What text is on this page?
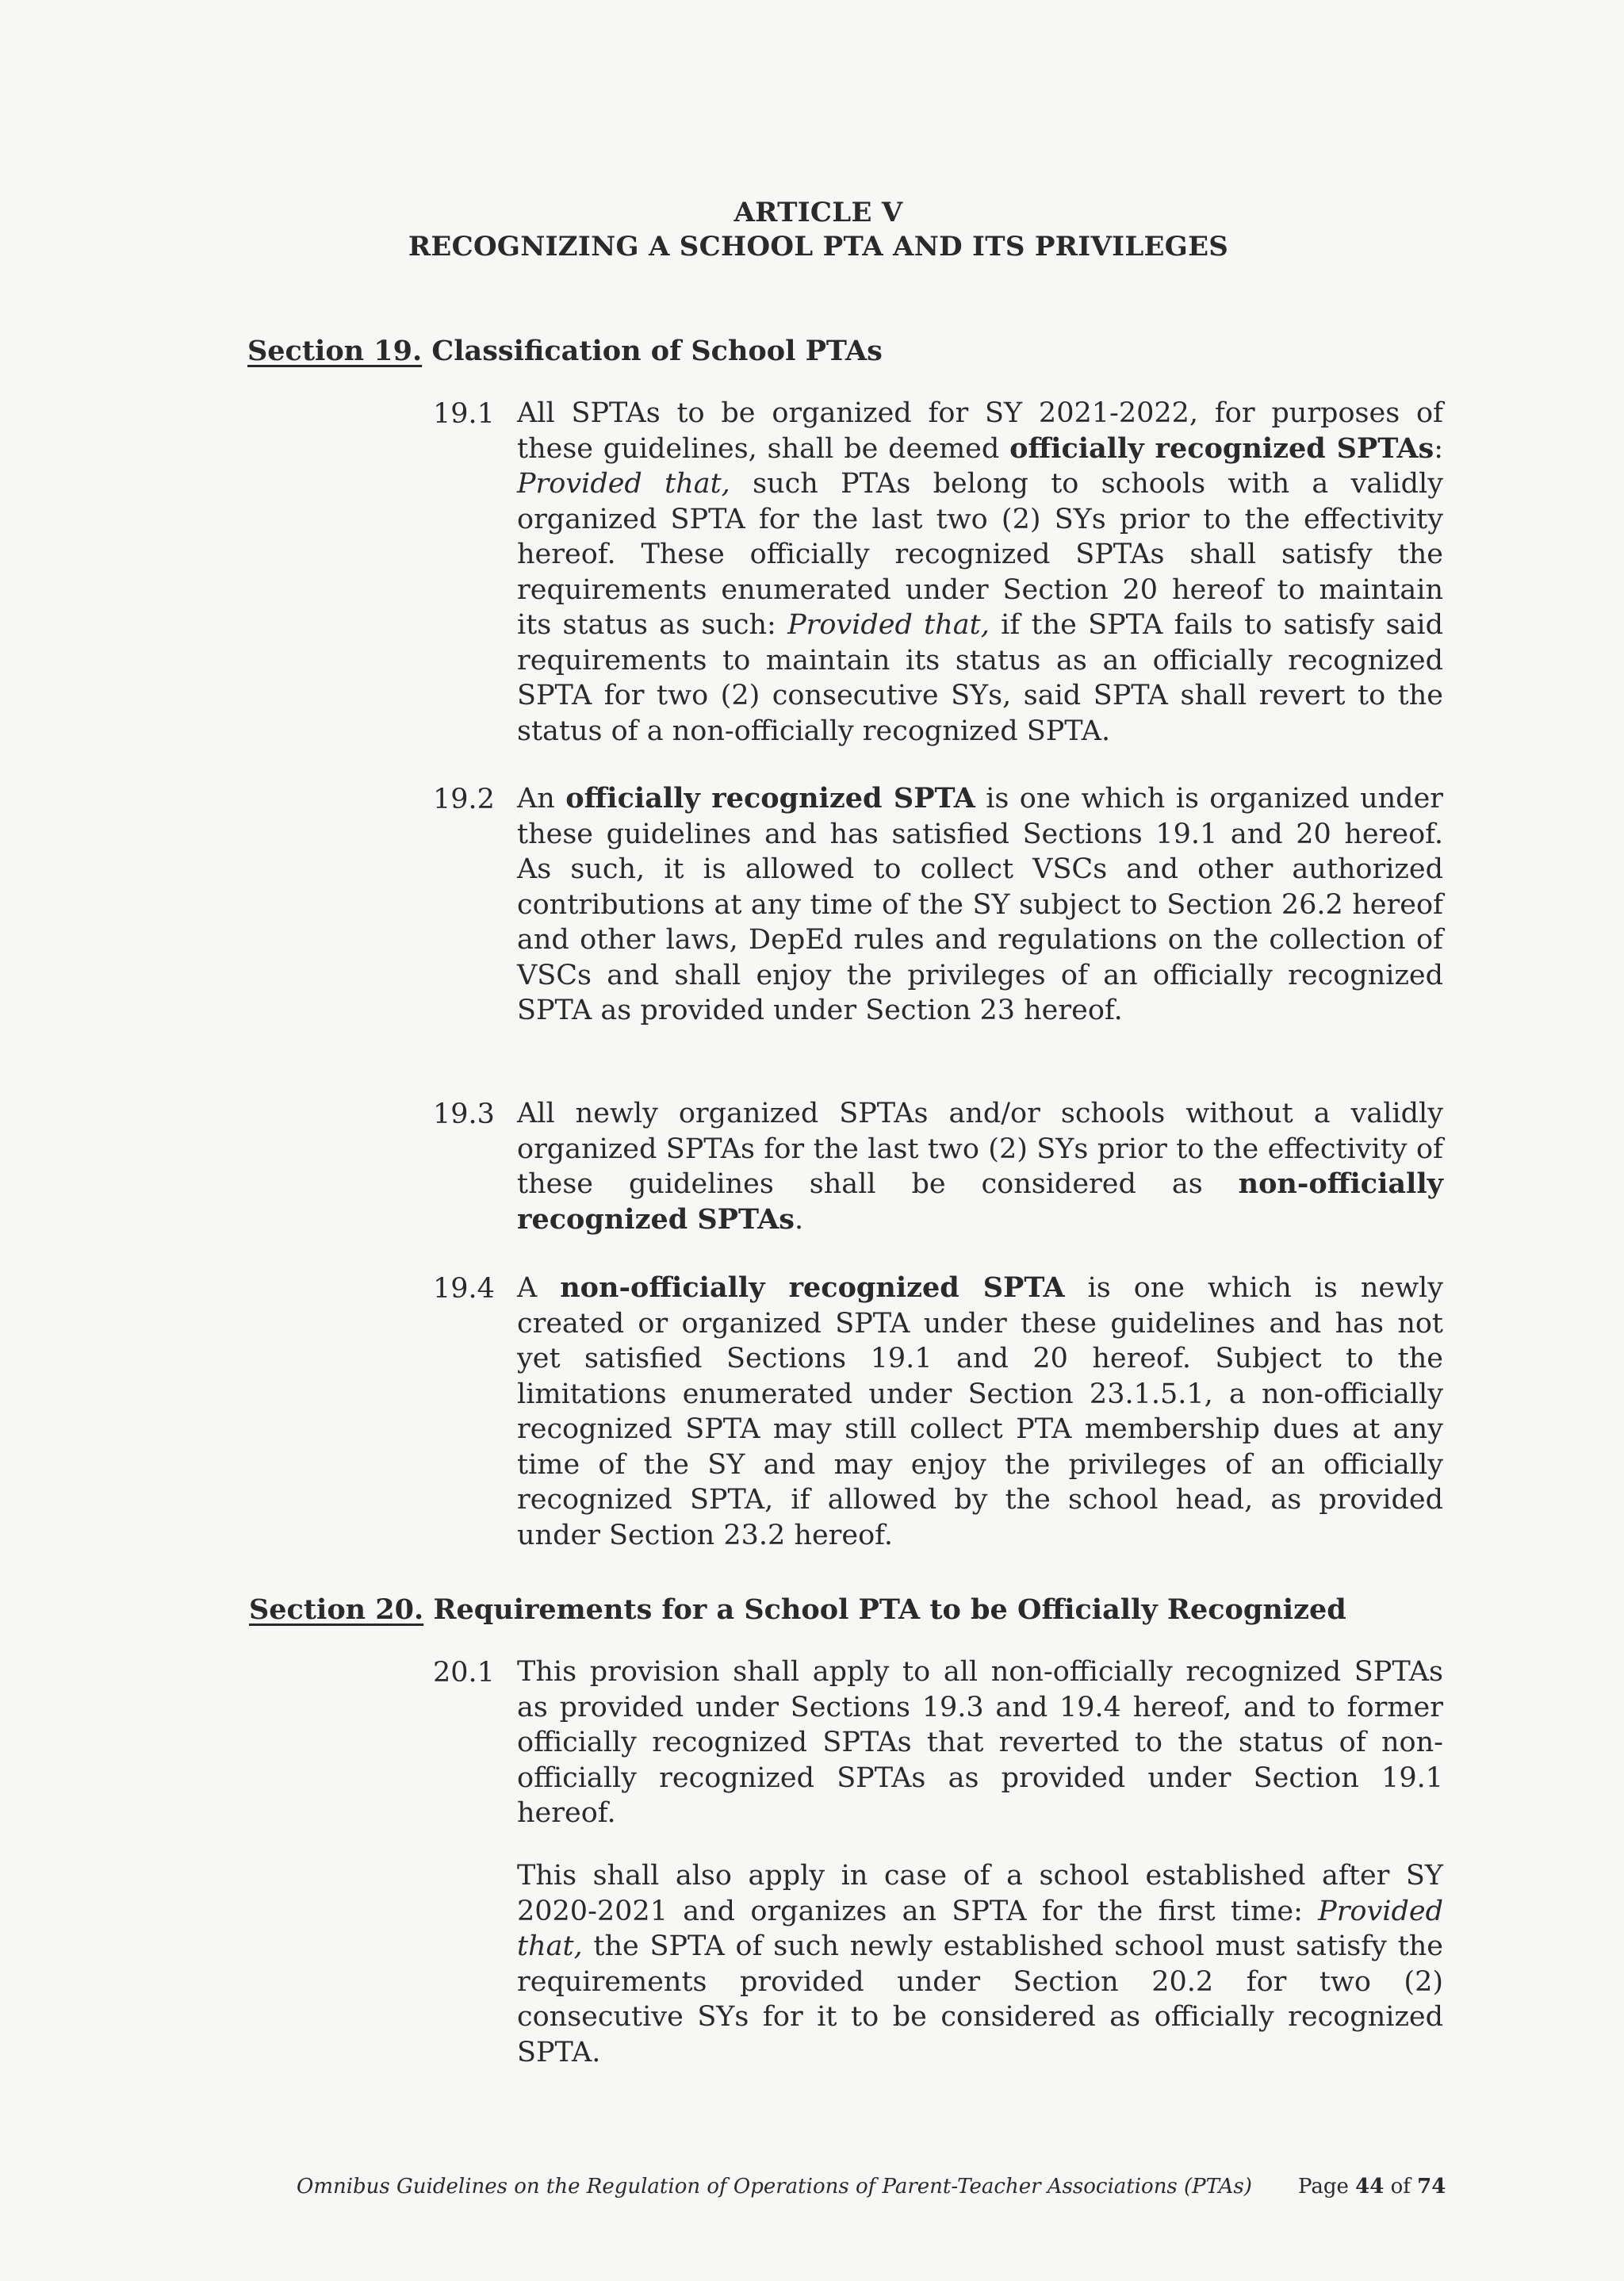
ARTICLE V
RECOGNIZING A SCHOOL PTA AND ITS PRIVILEGES
Section 19. Classification of School PTAs
19.1 All SPTAs to be organized for SY 2021-2022, for purposes of these guidelines, shall be deemed officially recognized SPTAs: Provided that, such PTAs belong to schools with a validly organized SPTA for the last two (2) SYs prior to the effectivity hereof. These officially recognized SPTAs shall satisfy the requirements enumerated under Section 20 hereof to maintain its status as such: Provided that, if the SPTA fails to satisfy said requirements to maintain its status as an officially recognized SPTA for two (2) consecutive SYs, said SPTA shall revert to the status of a non-officially recognized SPTA.
19.2 An officially recognized SPTA is one which is organized under these guidelines and has satisfied Sections 19.1 and 20 hereof. As such, it is allowed to collect VSCs and other authorized contributions at any time of the SY subject to Section 26.2 hereof and other laws, DepEd rules and regulations on the collection of VSCs and shall enjoy the privileges of an officially recognized SPTA as provided under Section 23 hereof.
19.3 All newly organized SPTAs and/or schools without a validly organized SPTAs for the last two (2) SYs prior to the effectivity of these guidelines shall be considered as non-officially recognized SPTAs.
19.4 A non-officially recognized SPTA is one which is newly created or organized SPTA under these guidelines and has not yet satisfied Sections 19.1 and 20 hereof. Subject to the limitations enumerated under Section 23.1.5.1, a non-officially recognized SPTA may still collect PTA membership dues at any time of the SY and may enjoy the privileges of an officially recognized SPTA, if allowed by the school head, as provided under Section 23.2 hereof.
Section 20. Requirements for a School PTA to be Officially Recognized
20.1 This provision shall apply to all non-officially recognized SPTAs as provided under Sections 19.3 and 19.4 hereof, and to former officially recognized SPTAs that reverted to the status of non-officially recognized SPTAs as provided under Section 19.1 hereof.
This shall also apply in case of a school established after SY 2020-2021 and organizes an SPTA for the first time: Provided that, the SPTA of such newly established school must satisfy the requirements provided under Section 20.2 for two (2) consecutive SYs for it to be considered as officially recognized SPTA.
Omnibus Guidelines on the Regulation of Operations of Parent-Teacher Associations (PTAs) Page 44 of 74
